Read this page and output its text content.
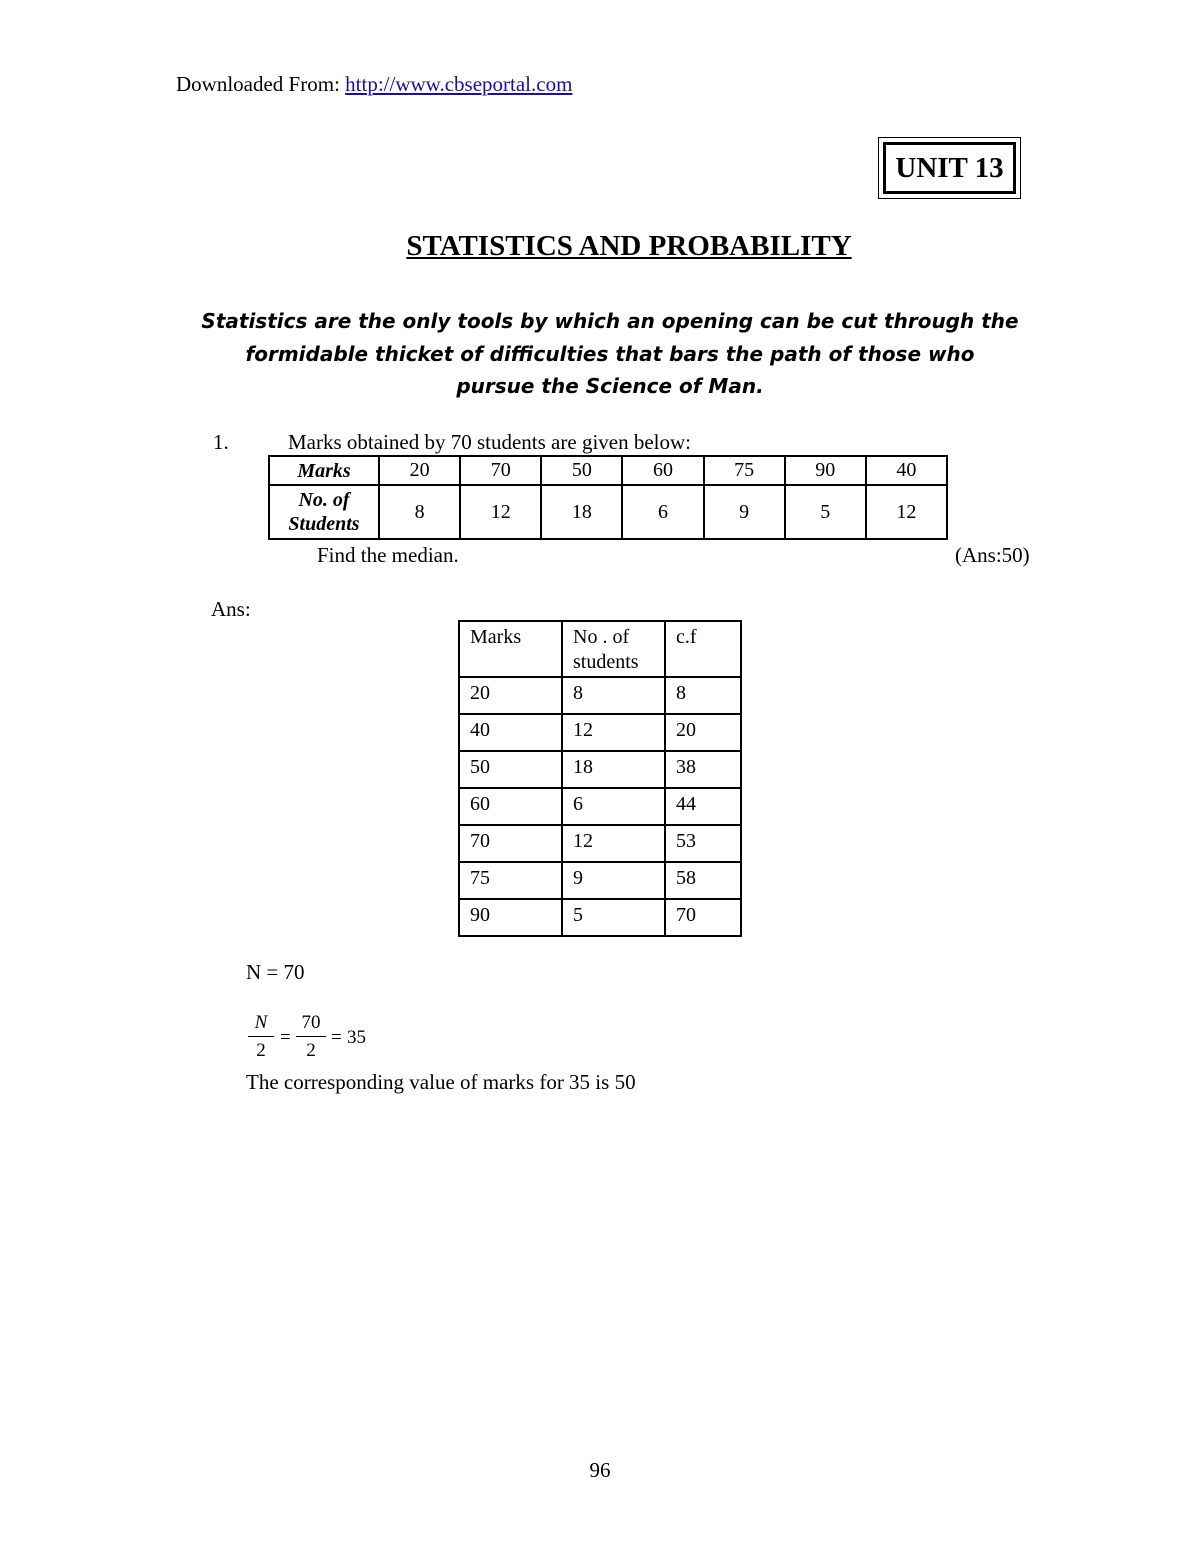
Downloaded From: http://www.cbseportal.com
UNIT 13
STATISTICS AND PROBABILITY
Statistics are the only tools by which an opening can be cut through the
formidable thicket of difficulties that bars the path of those who
pursue the Science of Man.
1.	Marks obtained by 70 students are given below:
Marks	20	70	50	60	75	90	40

No. of
Students	8	12	18	6	9	5	12
Find the median.	(Ans:50)
Ans:
Marks	No . of students	c.f
20	8	8
40	12	20
50	18	38
60	6	44
70	12	53
75	9	58
90	5	70
N = 70
N
2
=
70
2
= 35
The corresponding value of marks for 35 is 50
96
